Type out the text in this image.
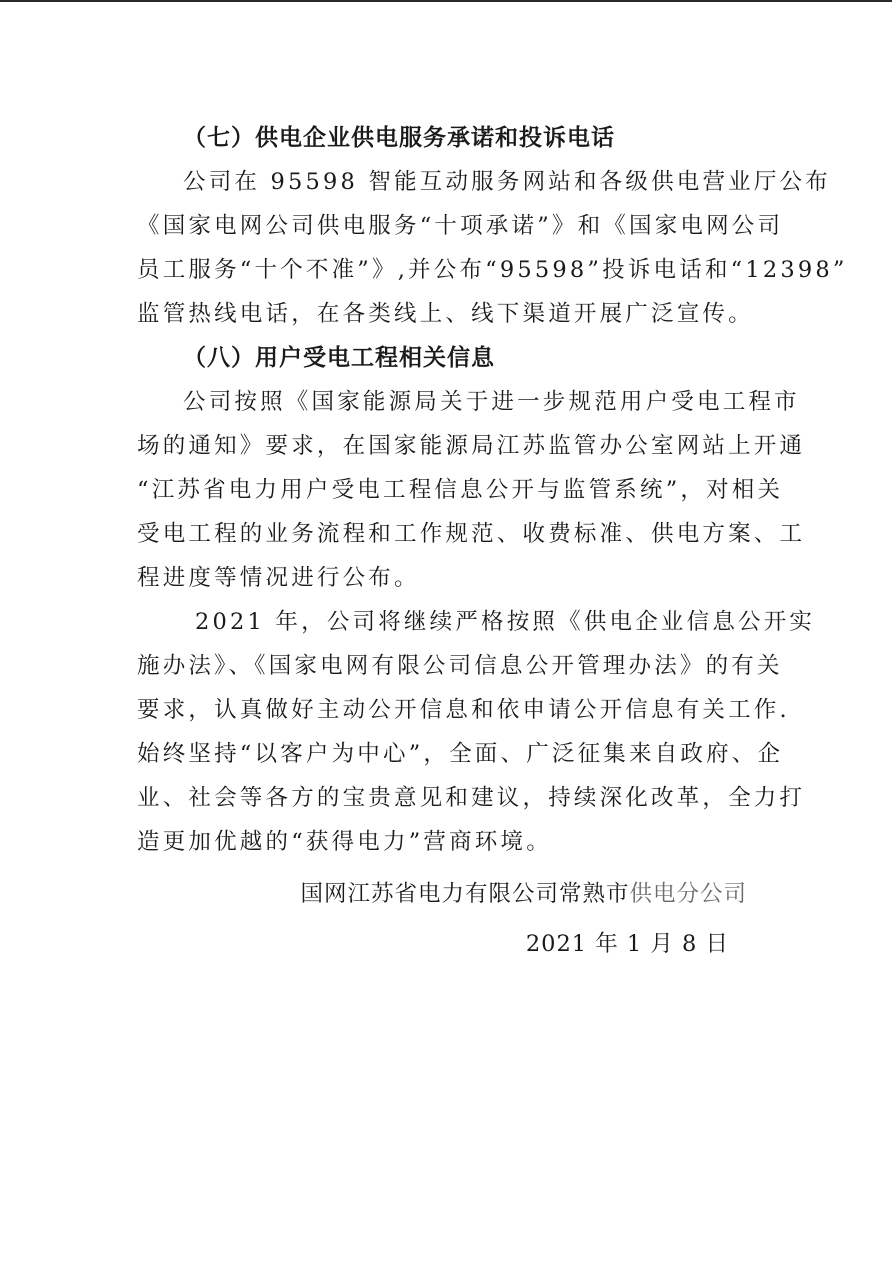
（七）供电企业供电服务承诺和投诉电话
公司在 95598 智能互动服务网站和各级供电营业厅公布
《国家电网公司供电服务“十项承诺”》和《国家电网公司
员工服务“十个不准”》,并公布“95598”投诉电话和“12398”
监管热线电话，在各类线上、线下渠道开展广泛宣传。
（八）用户受电工程相关信息
公司按照《国家能源局关于进一步规范用户受电工程市
场的通知》要求，在国家能源局江苏监管办公室网站上开通
“江苏省电力用户受电工程信息公开与监管系统”，对相关
受电工程的业务流程和工作规范、收费标准、供电方案、工
程进度等情况进行公布。
2021 年，公司将继续严格按照《供电企业信息公开实
施办法》、《国家电网有限公司信息公开管理办法》的有关
要求，认真做好主动公开信息和依申请公开信息有关工作.
始终坚持“以客户为中心”，全面、广泛征集来自政府、企
业、社会等各方的宝贵意见和建议，持续深化改革，全力打
造更加优越的“获得电力”营商环境。
国网江苏省电力有限公司常熟市供电分公司
2021 年 1 月 8 日
